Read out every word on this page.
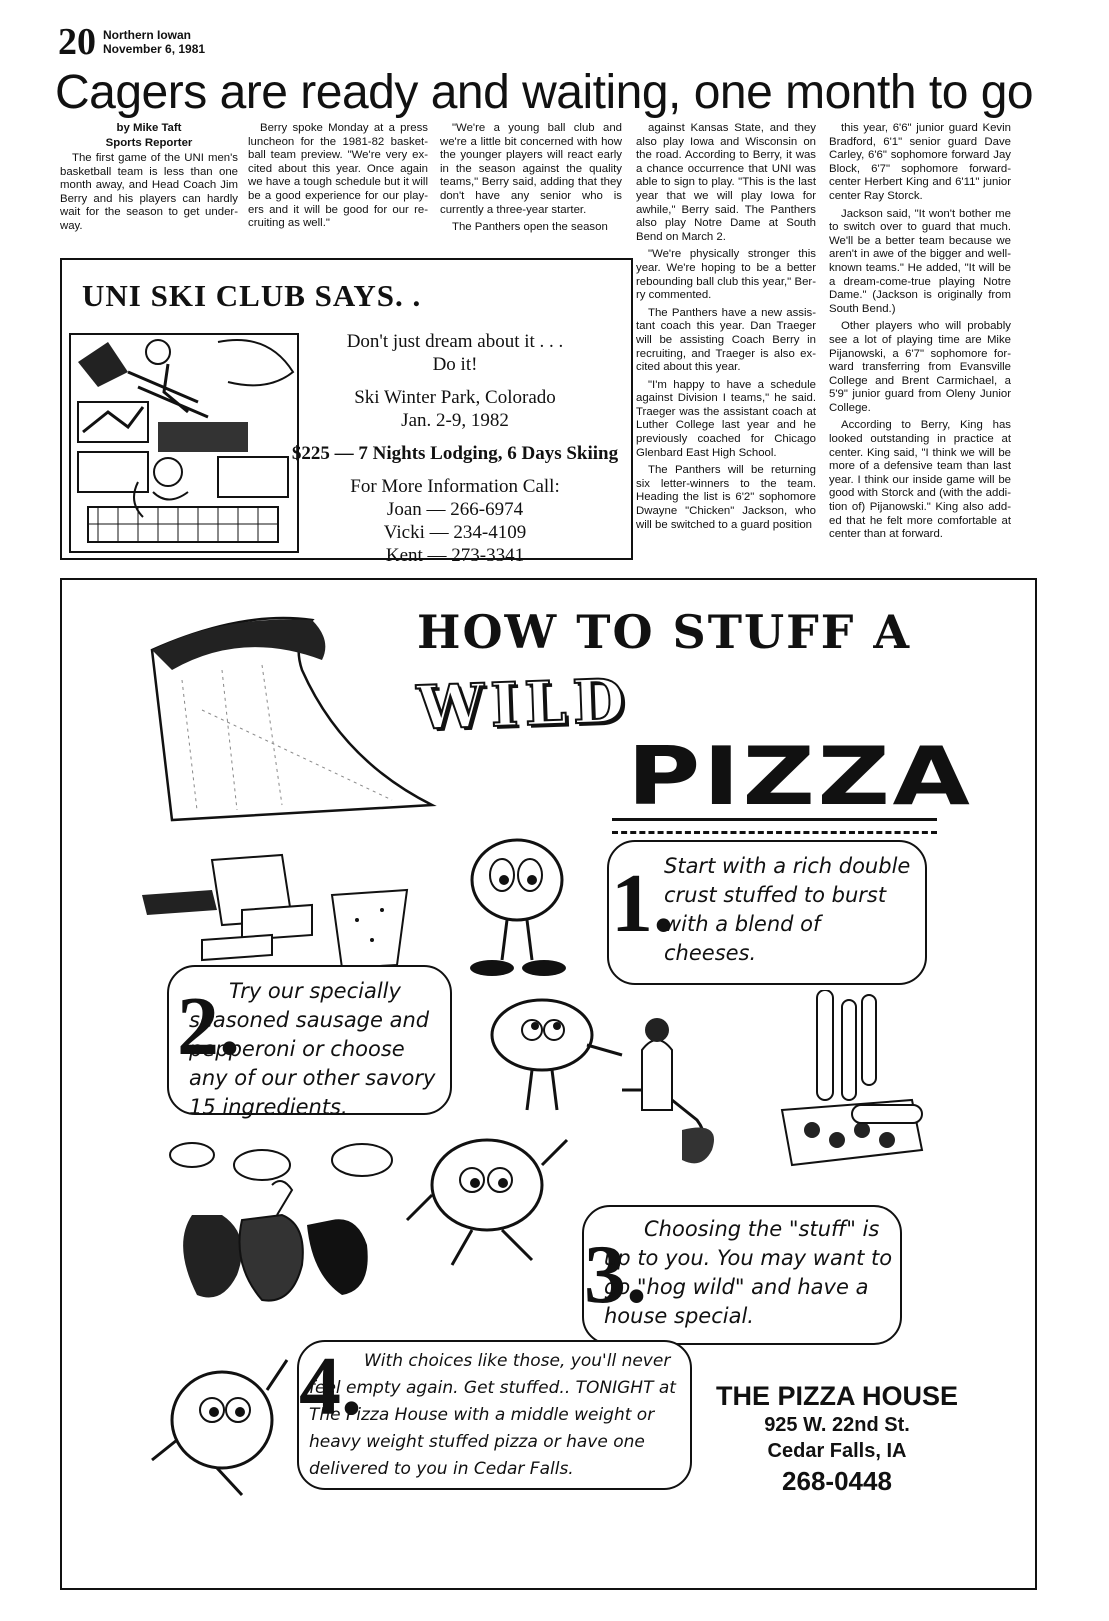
20 Northern Iowan
November 6, 1981
Cagers are ready and waiting, one month to go
by Mike Taft
Sports Reporter

The first game of the UNI men's basketball team is less than one month away, and Head Coach Jim Berry and his players can hardly wait for the season to get under-way.

Berry spoke Monday at a press luncheon for the 1981-82 basket-ball team preview. "We're very ex-cited about this year. Once again we have a tough schedule but it will be a good experience for our play-ers and it will be good for our re-cruiting as well."

"We're a young ball club and we're a little bit concerned with how the younger players will react early in the season against the quality teams," Berry said, adding that they don't have any senior who is currently a three-year starter.

The Panthers open the season

against Kansas State, and they also play Iowa and Wisconsin on the road. According to Berry, it was a chance occurrence that UNI was able to sign to play. "This is the last year that we will play Iowa for awhile," Berry said. The Panthers also play Notre Dame at South Bend on March 2.

"We're physically stronger this year. We're hoping to be a better rebounding ball club this year," Ber-ry commented.

The Panthers have a new assis-tant coach this year. Dan Traeger will be assisting Coach Berry in recruiting, and Traeger is also ex-cited about this year.

"I'm happy to have a schedule against Division I teams," he said. Traeger was the assistant coach at Luther College last year and he previously coached for Chicago Glenbard East High School.

The Panthers will be returning six letter-winners to the team. Heading the list is 6'2" sophomore Dwayne "Chicken" Jackson, who will be switched to a guard position

this year, 6'6" junior guard Kevin Bradford, 6'1" senior guard Dave Carley, 6'6" sophomore forward Jay Block, 6'7" sophomore forward-center Herbert King and 6'11" junior center Ray Storck.

Jackson said, "It won't bother me to switch over to guard that much. We'll be a better team because we aren't in awe of the bigger and well-known teams." He added, "It will be a dream-come-true playing Notre Dame." (Jackson is originally from South Bend.)

Other players who will probably see a lot of playing time are Mike Pijanowski, a 6'7" sophomore for-ward transferring from Evansville College and Brent Carmichael, a 5'9" junior guard from Oleny Junior College.

According to Berry, King has looked outstanding in practice at center. King said, "I think we will be more of a defensive team than last year. I think our inside game will be good with Storck and (with the addi-tion of) Pijanowski." King also add-ed that he felt more comfortable at center than at forward.

UNI SKI CLUB SAYS. .
Don't just dream about it . . .
Do it!
Ski Winter Park, Colorado
Jan. 2-9, 1982
$225 — 7 Nights Lodging, 6 Days Skiing
For More Information Call:
Joan — 266-6974
Vicki — 234-4109
Kent — 273-3341
HOW TO STUFF A
WILD
PIZZA
1.
Start with a rich double crust stuffed to burst with a blend of cheeses.
2.
Try our specially seasoned sausage and pepperoni or choose any of our other savory 15 ingredients.
3.
Choosing the "stuff" is up to you. You may want to go "hog wild" and have a house special.
4. With choices like those, you'll never feel empty again. Get stuffed.. TONIGHT at The Pizza House with a middle weight or heavy weight stuffed pizza or have one delivered to you in Cedar Falls.
THE PIZZA HOUSE
925 W. 22nd St.
Cedar Falls, IA
268-0448
